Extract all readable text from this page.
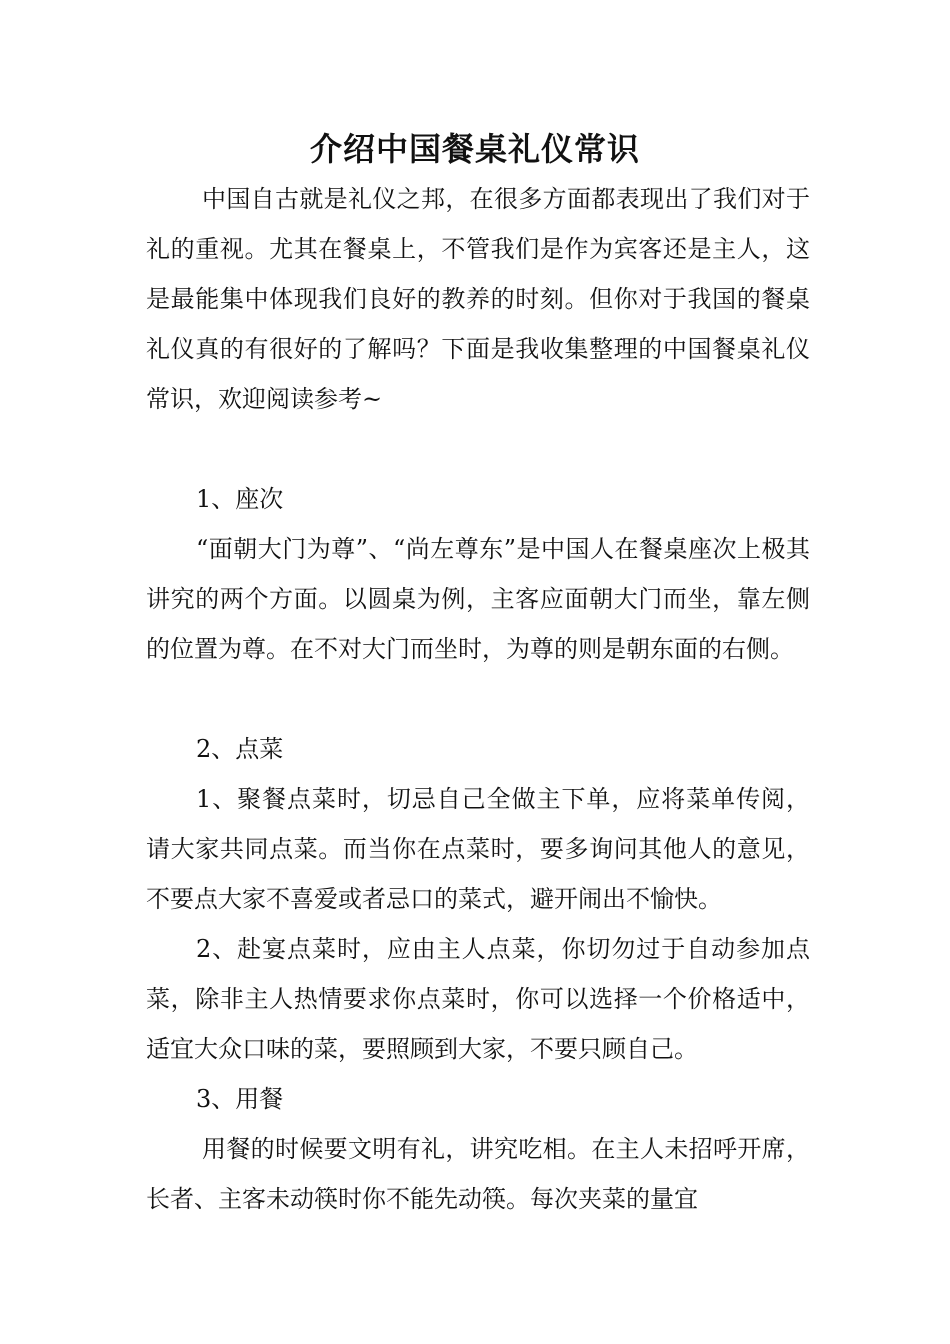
介绍中国餐桌礼仪常识

中国自古就是礼仪之邦，在很多方面都表现出了我们对于礼的重视。尤其在餐桌上，不管我们是作为宾客还是主人，这是最能集中体现我们良好的教养的时刻。但你对于我国的餐桌礼仪真的有很好的了解吗？下面是我收集整理的中国餐桌礼仪常识，欢迎阅读参考~

1、座次

“面朝大门为尊”、“尚左尊东”是中国人在餐桌座次上极其讲究的两个方面。以圆桌为例，主客应面朝大门而坐，靠左侧的位置为尊。在不对大门而坐时，为尊的则是朝东面的右侧。

2、点菜

1、聚餐点菜时，切忌自己全做主下单，应将菜单传阅，请大家共同点菜。而当你在点菜时，要多询问其他人的意见，不要点大家不喜爱或者忌口的菜式，避开闹出不愉快。

2、赴宴点菜时，应由主人点菜，你切勿过于自动参加点菜，除非主人热情要求你点菜时，你可以选择一个价格适中，适宜大众口味的菜，要照顾到大家，不要只顾自己。

3、用餐

用餐的时候要文明有礼，讲究吃相。在主人未招呼开席，长者、主客未动筷时你不能先动筷。每次夹菜的量宜
